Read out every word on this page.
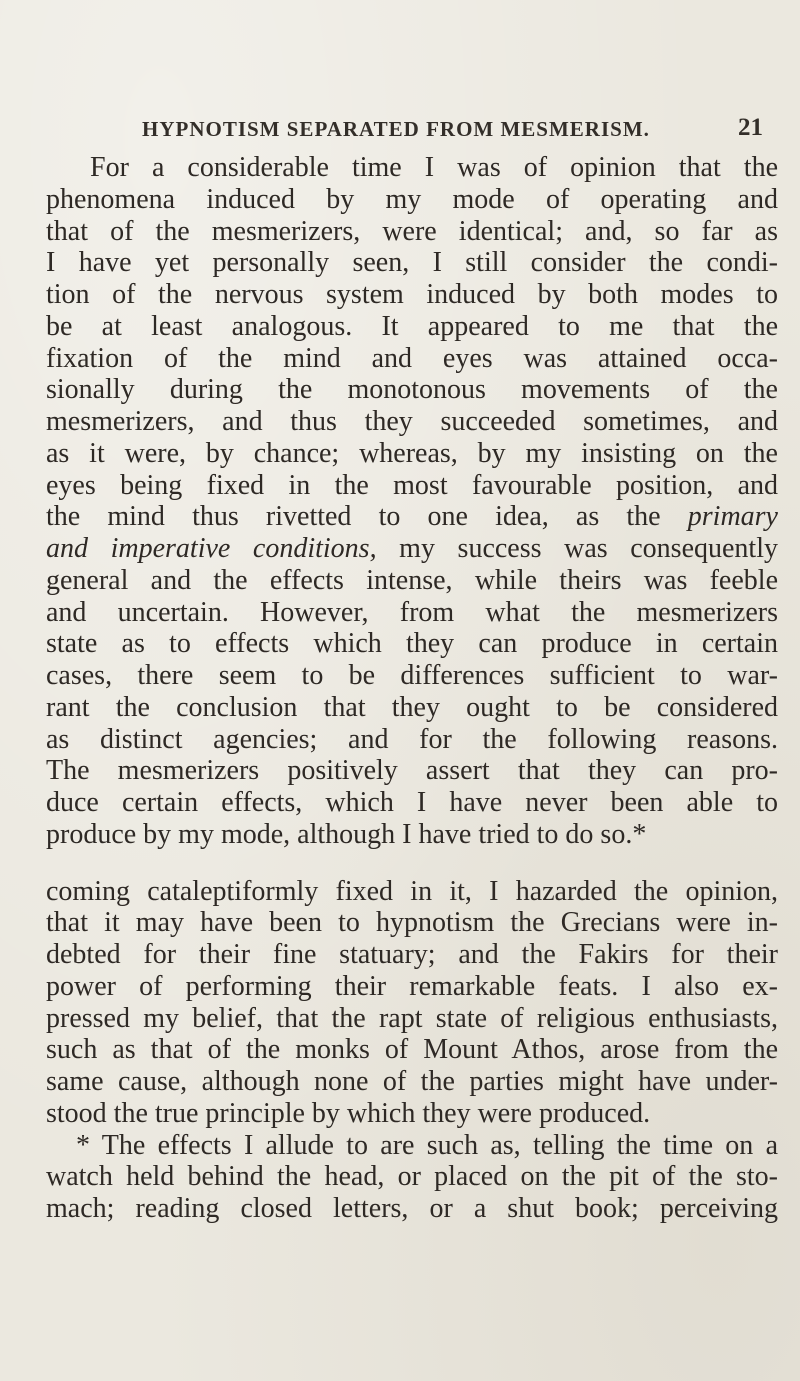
HYPNOTISM SEPARATED FROM MESMERISM.	21
For a considerable time I was of opinion that the
phenomena induced by my mode of operating and
that of the mesmerizers, were identical; and, so far as
I have yet personally seen, I still consider the condi-
tion of the nervous system induced by both modes to
be at least analogous. It appeared to me that the
fixation of the mind and eyes was attained occa-
sionally during the monotonous movements of the
mesmerizers, and thus they succeeded sometimes, and
as it were, by chance; whereas, by my insisting on the
eyes being fixed in the most favourable position, and
the mind thus rivetted to one idea, as the primary
and imperative conditions, my success was consequently
general and the effects intense, while theirs was feeble
and uncertain. However, from what the mesmerizers
state as to effects which they can produce in certain
cases, there seem to be differences sufficient to war-
rant the conclusion that they ought to be considered
as distinct agencies; and for the following reasons.
The mesmerizers positively assert that they can pro-
duce certain effects, which I have never been able to
produce by my mode, although I have tried to do so.*
coming cataleptiformly fixed in it, I hazarded the opinion,
that it may have been to hypnotism the Grecians were in-
debted for their fine statuary; and the Fakirs for their
power of performing their remarkable feats. I also ex-
pressed my belief, that the rapt state of religious enthusiasts,
such as that of the monks of Mount Athos, arose from the
same cause, although none of the parties might have under-
stood the true principle by which they were produced.
* The effects I allude to are such as, telling the time on a
watch held behind the head, or placed on the pit of the sto-
mach; reading closed letters, or a shut book; perceiving
